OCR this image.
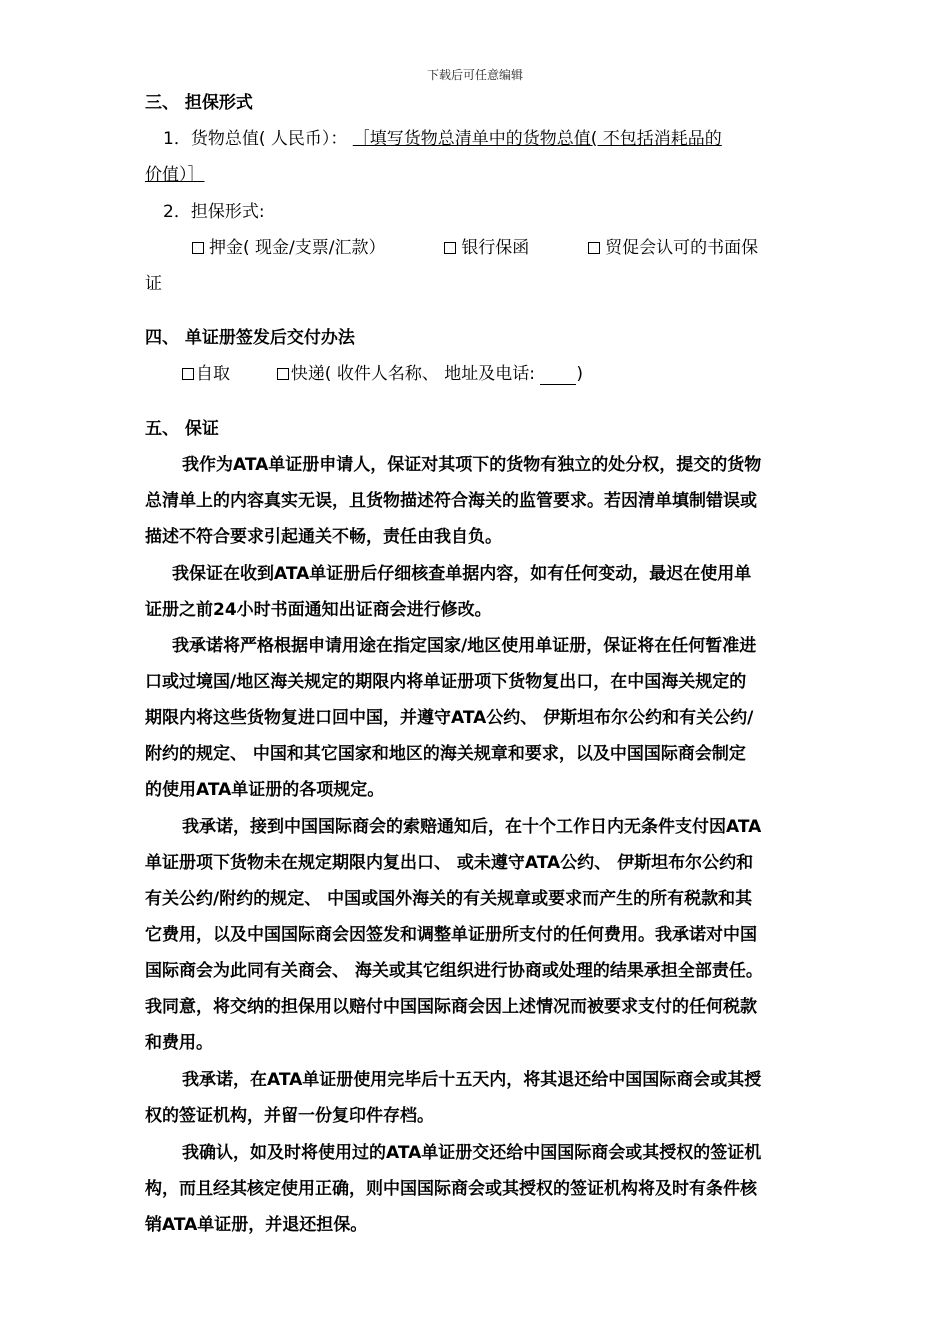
下载后可任意编辑
三、 担保形式
1．货物总值( 人民币）： ［填写货物总清单中的货物总值( 不包括消耗品的
价值）］
2．担保形式:
押金( 现金/支票/汇款）	银行保函	贸促会认可的书面保
证
四、 单证册签发后交付办法
自取	快递( 收件人名称、 地址及电话: )
五、 保证
我作为ATA单证册申请人，保证对其项下的货物有独立的处分权，提交的货物
总清单上的内容真实无误，且货物描述符合海关的监管要求。若因清单填制错误或
描述不符合要求引起通关不畅，责任由我自负。
我保证在收到ATA单证册后仔细核查单据内容，如有任何变动，最迟在使用单
证册之前24小时书面通知出证商会进行修改。
我承诺将严格根据申请用途在指定国家/地区使用单证册，保证将在任何暂准进
口或过境国/地区海关规定的期限内将单证册项下货物复出口，在中国海关规定的
期限内将这些货物复进口回中国，并遵守ATA公约、 伊斯坦布尔公约和有关公约/
附约的规定、 中国和其它国家和地区的海关规章和要求，以及中国国际商会制定
的使用ATA单证册的各项规定。
我承诺，接到中国国际商会的索赔通知后，在十个工作日内无条件支付因ATA
单证册项下货物未在规定期限内复出口、 或未遵守ATA公约、 伊斯坦布尔公约和
有关公约/附约的规定、 中国或国外海关的有关规章或要求而产生的所有税款和其
它费用，以及中国国际商会因签发和调整单证册所支付的任何费用。我承诺对中国
国际商会为此同有关商会、 海关或其它组织进行协商或处理的结果承担全部责任。
我同意，将交纳的担保用以赔付中国国际商会因上述情况而被要求支付的任何税款
和费用。
我承诺，在ATA单证册使用完毕后十五天内，将其退还给中国国际商会或其授
权的签证机构，并留一份复印件存档。
我确认，如及时将使用过的ATA单证册交还给中国国际商会或其授权的签证机
构，而且经其核定使用正确，则中国国际商会或其授权的签证机构将及时有条件核
销ATA单证册，并退还担保。
